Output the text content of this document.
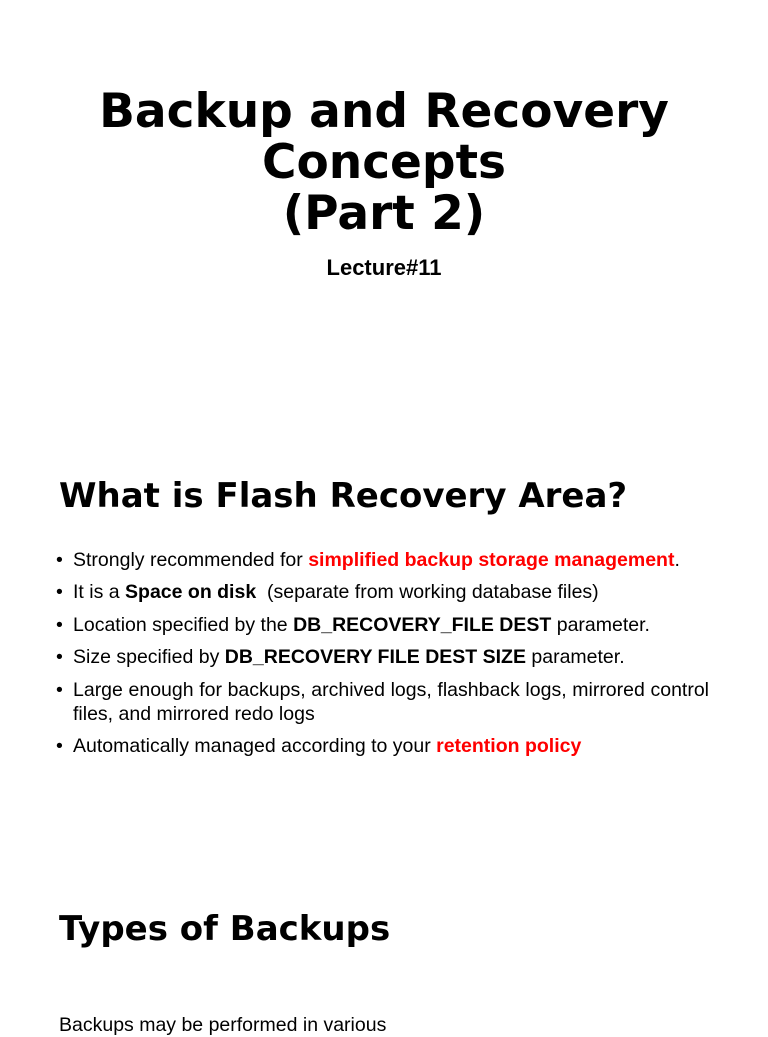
Backup and Recovery
Concepts
(Part 2)
Lecture#11
What is Flash Recovery Area?
• Strongly recommended for simplified backup storage management.
• It is a Space on disk  (separate from working database files)
• Location specified by the DB_RECOVERY_FILE DEST parameter.
• Size specified by DB_RECOVERY FILE DEST SIZE parameter.
• Large enough for backups, archived logs, flashback logs, mirrored control files, and mirrored redo logs
• Automatically managed according to your retention policy
Types of Backups
Backups may be performed in various
